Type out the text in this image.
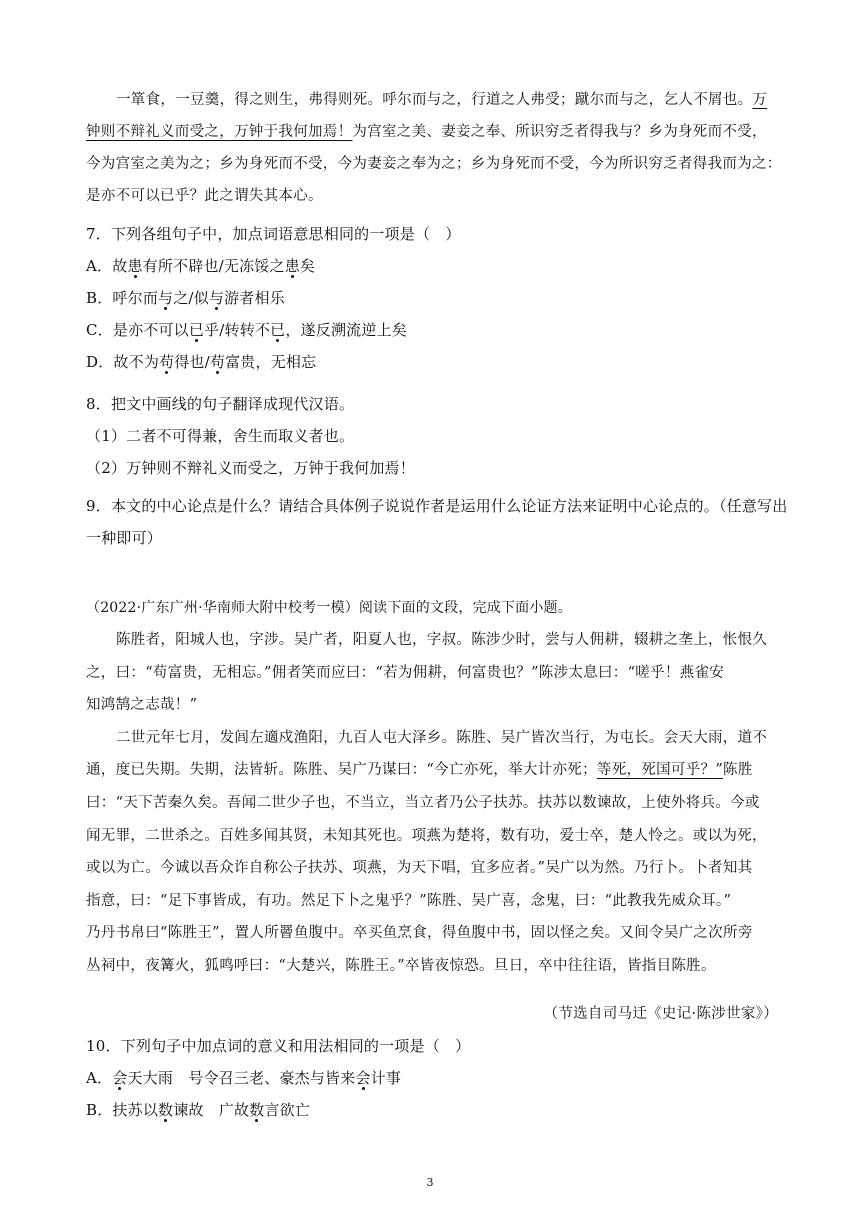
一箪食，一豆羹，得之则生，弗得则死。呼尔而与之，行道之人弗受；蹴尔而与之，乞人不屑也。万
钟则不辩礼义而受之，万钟于我何加焉！为宫室之美、妻妾之奉、所识穷乏者得我与？乡为身死而不受，
今为宫室之美为之；乡为身死而不受，今为妻妾之奉为之；乡为身死而不受，今为所识穷乏者得我而为之：
是亦不可以已乎？此之谓失其本心。
7．下列各组句子中，加点词语意思相同的一项是（　）
A．故患有所不辟也/无冻馁之患矣
B．呼尔而与之/似与游者相乐
C．是亦不可以已乎/转转不已，遂反溯流逆上矣
D．故不为苟得也/苟富贵，无相忘
8．把文中画线的句子翻译成现代汉语。
（1）二者不可得兼，舍生而取义者也。
（2）万钟则不辩礼义而受之，万钟于我何加焉！
9．本文的中心论点是什么？请结合具体例子说说作者是运用什么论证方法来证明中心论点的。（任意写出
一种即可）
（2022·广东广州·华南师大附中校考一模）阅读下面的文段，完成下面小题。
陈胜者，阳城人也，字涉。吴广者，阳夏人也，字叔。陈涉少时，尝与人佣耕，辍耕之垄上，怅恨久
之，曰：“苟富贵，无相忘。”佣者笑而应曰：“若为佣耕，何富贵也？”陈涉太息曰：“嗟乎！燕雀安
知鸿鹄之志哉！”
二世元年七月，发闾左適戍渔阳，九百人屯大泽乡。陈胜、吴广皆次当行，为屯长。会天大雨，道不
通，度已失期。失期，法皆斩。陈胜、吴广乃谋曰：“今亡亦死，举大计亦死；等死，死国可乎？”陈胜
曰：“天下苦秦久矣。吾闻二世少子也，不当立，当立者乃公子扶苏。扶苏以数谏故，上使外将兵。今或
闻无罪，二世杀之。百姓多闻其贤，未知其死也。项燕为楚将，数有功，爱士卒，楚人怜之。或以为死，
或以为亡。今诚以吾众诈自称公子扶苏、项燕，为天下唱，宜多应者。”吴广以为然。乃行卜。卜者知其
指意，曰：“足下事皆成，有功。然足下卜之鬼乎？”陈胜、吴广喜，念鬼，曰：“此教我先威众耳。”
乃丹书帛曰“陈胜王”，置人所罾鱼腹中。卒买鱼烹食，得鱼腹中书，固以怪之矣。又间令吴广之次所旁
丛祠中，夜篝火，狐鸣呼曰：“大楚兴，陈胜王。”卒皆夜惊恐。旦日，卒中往往语，皆指目陈胜。
（节选自司马迁《史记·陈涉世家》）
10．下列句子中加点词的意义和用法相同的一项是（　）
A．会天大雨　号令召三老、豪杰与皆来会计事
B．扶苏以数谏故　广故数言欲亡
3
